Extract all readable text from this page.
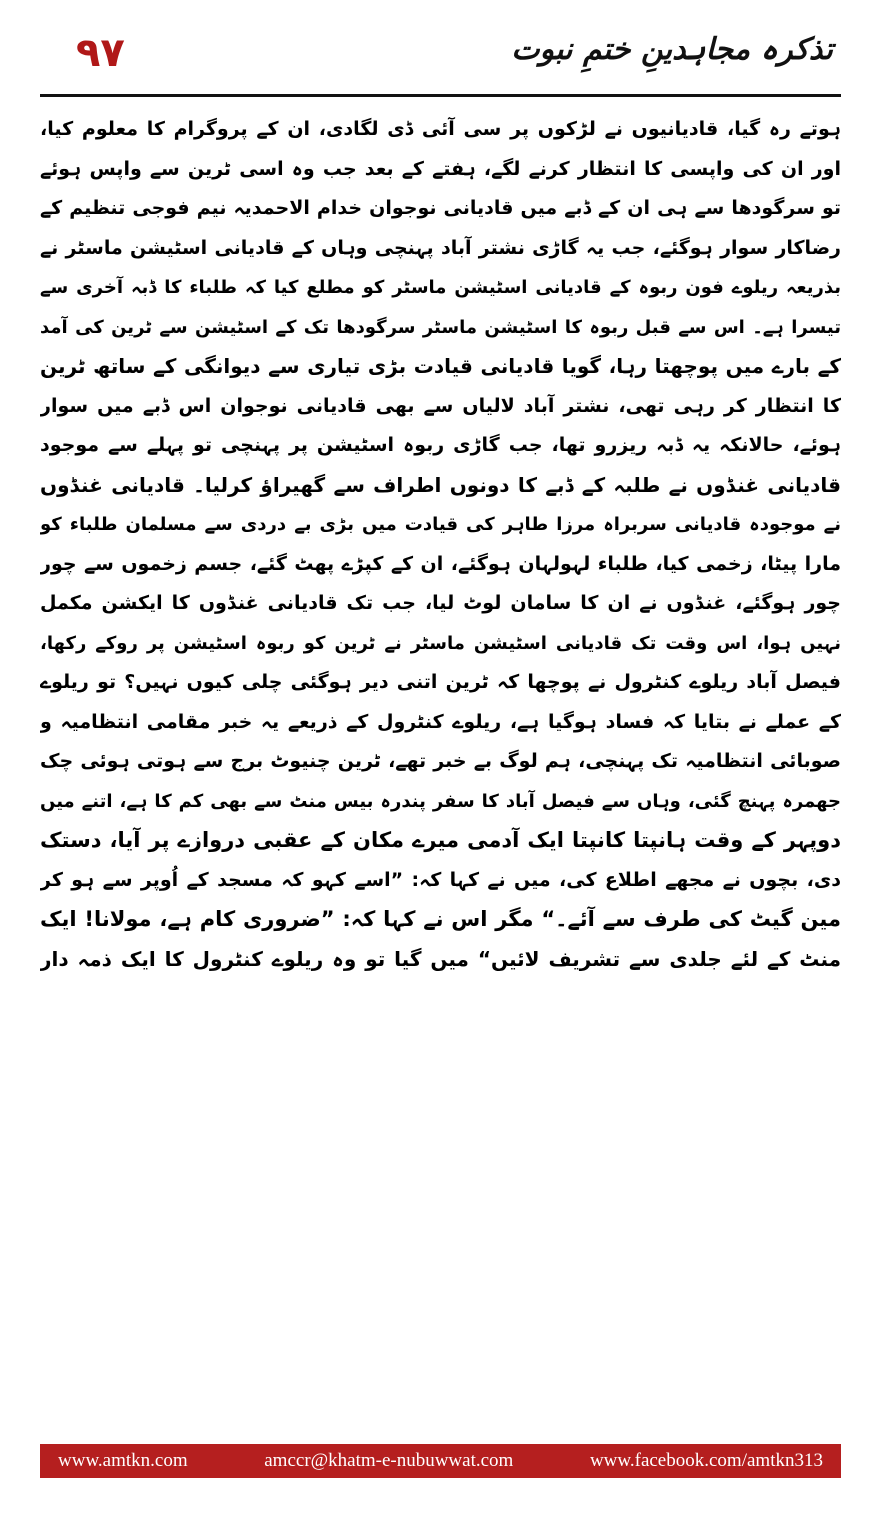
۹۷	تذکرہ مجاہدینِ ختمِ نبوت
ہوتے رہ گیا، قادیانیوں نے لڑکوں پر سی آئی ڈی لگادی، ان کے پروگرام کا معلوم کیا،
اور ان کی واپسی کا انتظار کرنے لگے، ہفتے کے بعد جب وہ اسی ٹرین سے واپس ہوئے
تو سرگودھا سے ہی ان کے ڈبے میں قادیانی نوجوان خدام الاحمدیہ نیم فوجی تنظیم کے
رضاکار سوار ہوگئے، جب یہ گاڑی نشتر آباد پہنچی وہاں کے قادیانی اسٹیشن ماسٹر نے
بذریعہ ریلوے فون ربوہ کے قادیانی اسٹیشن ماسٹر کو مطلع کیا کہ طلباء کا ڈبہ آخری سے
تیسرا ہے۔ اس سے قبل ربوہ کا اسٹیشن ماسٹر سرگودھا تک کے اسٹیشن سے ٹرین کی آمد
کے بارے میں پوچھتا رہا، گویا قادیانی قیادت بڑی تیاری سے دیوانگی کے ساتھ ٹرین
کا انتظار کر رہی تھی، نشتر آباد لالیاں سے بھی قادیانی نوجوان اس ڈبے میں سوار
ہوئے، حالانکہ یہ ڈبہ ریزرو تھا، جب گاڑی ربوہ اسٹیشن پر پہنچی تو پہلے سے موجود
قادیانی غنڈوں نے طلبہ کے ڈبے کا دونوں اطراف سے گھیراؤ کرلیا۔ قادیانی غنڈوں
نے موجودہ قادیانی سربراہ مرزا طاہر کی قیادت میں بڑی بے دردی سے مسلمان طلباء کو
مارا پیٹا، زخمی کیا، طلباء لہولہان ہوگئے، ان کے کپڑے پھٹ گئے، جسم زخموں سے چور
چور ہوگئے، غنڈوں نے ان کا سامان لوٹ لیا، جب تک قادیانی غنڈوں کا ایکشن مکمل
نہیں ہوا، اس وقت تک قادیانی اسٹیشن ماسٹر نے ٹرین کو ربوہ اسٹیشن پر روکے رکھا،
فیصل آباد ریلوے کنٹرول نے پوچھا کہ ٹرین اتنی دیر ہوگئی چلی کیوں نہیں؟ تو ریلوے
کے عملے نے بتایا کہ فساد ہوگیا ہے، ریلوے کنٹرول کے ذریعے یہ خبر مقامی انتظامیہ و
صوبائی انتظامیہ تک پہنچی، ہم لوگ بے خبر تھے، ٹرین چنیوٹ برج سے ہوتی ہوئی چک
جھمرہ پہنچ گئی، وہاں سے فیصل آباد کا سفر پندرہ بیس منٹ سے بھی کم کا ہے، اتنے میں
دوپہر کے وقت ہانپتا کانپتا ایک آدمی میرے مکان کے عقبی دروازے پر آیا، دستک
دی، بچوں نے مجھے اطلاع کی، میں نے کہا کہ: ”اسے کہو کہ مسجد کے اُوپر سے ہو کر
مین گیٹ کی طرف سے آئے۔“ مگر اس نے کہا کہ: ”ضروری کام ہے، مولانا! ایک
منٹ کے لئے جلدی سے تشریف لائیں“ میں گیا تو وہ ریلوے کنٹرول کا ایک ذمہ دار
www.amtkn.com	amccr@khatm-e-nubuwwat.com	www.facebook.com/amtkn313
